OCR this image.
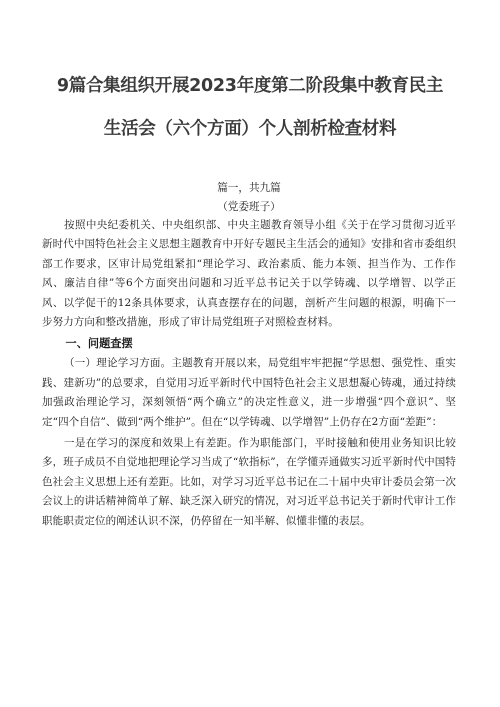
9篇合集组织开展2023年度第二阶段集中教育民主
生活会（六个方面）个人剖析检查材料

篇一，共九篇

（党委班子）

按照中央纪委机关、中央组织部、中央主题教育领导小组《关于在学习贯彻习近平新时代中国特色社会主义思想主题教育中开好专题民主生活会的通知》安排和省市委组织部工作要求，区审计局党组紧扣“理论学习、政治素质、能力本领、担当作为、工作作风、廉洁自律”等6个方面突出问题和习近平总书记关于以学铸魂、以学增智、以学正风、以学促干的12条具体要求，认真查摆存在的问题，剖析产生问题的根源，明确下一步努力方向和整改措施，形成了审计局党组班子对照检查材料。

一、问题查摆

（一）理论学习方面。主题教育开展以来，局党组牢牢把握“学思想、强党性、重实践、建新功”的总要求，自觉用习近平新时代中国特色社会主义思想凝心铸魂，通过持续加强政治理论学习，深刻领悟“两个确立”的决定性意义，进一步增强“四个意识”、坚定“四个自信”、做到“两个维护”。但在“以学铸魂、以学增智”上仍存在2方面“差距”：

一是在学习的深度和效果上有差距。作为职能部门，平时接触和使用业务知识比较多，班子成员不自觉地把理论学习当成了“软指标”，在学懂弄通做实习近平新时代中国特色社会主义思想上还有差距。比如，对学习习近平总书记在二十届中央审计委员会第一次会议上的讲话精神简单了解、缺乏深入研究的情况，对习近平总书记关于新时代审计工作职能职责定位的阐述认识不深，仍停留在一知半解、似懂非懂的表层。
